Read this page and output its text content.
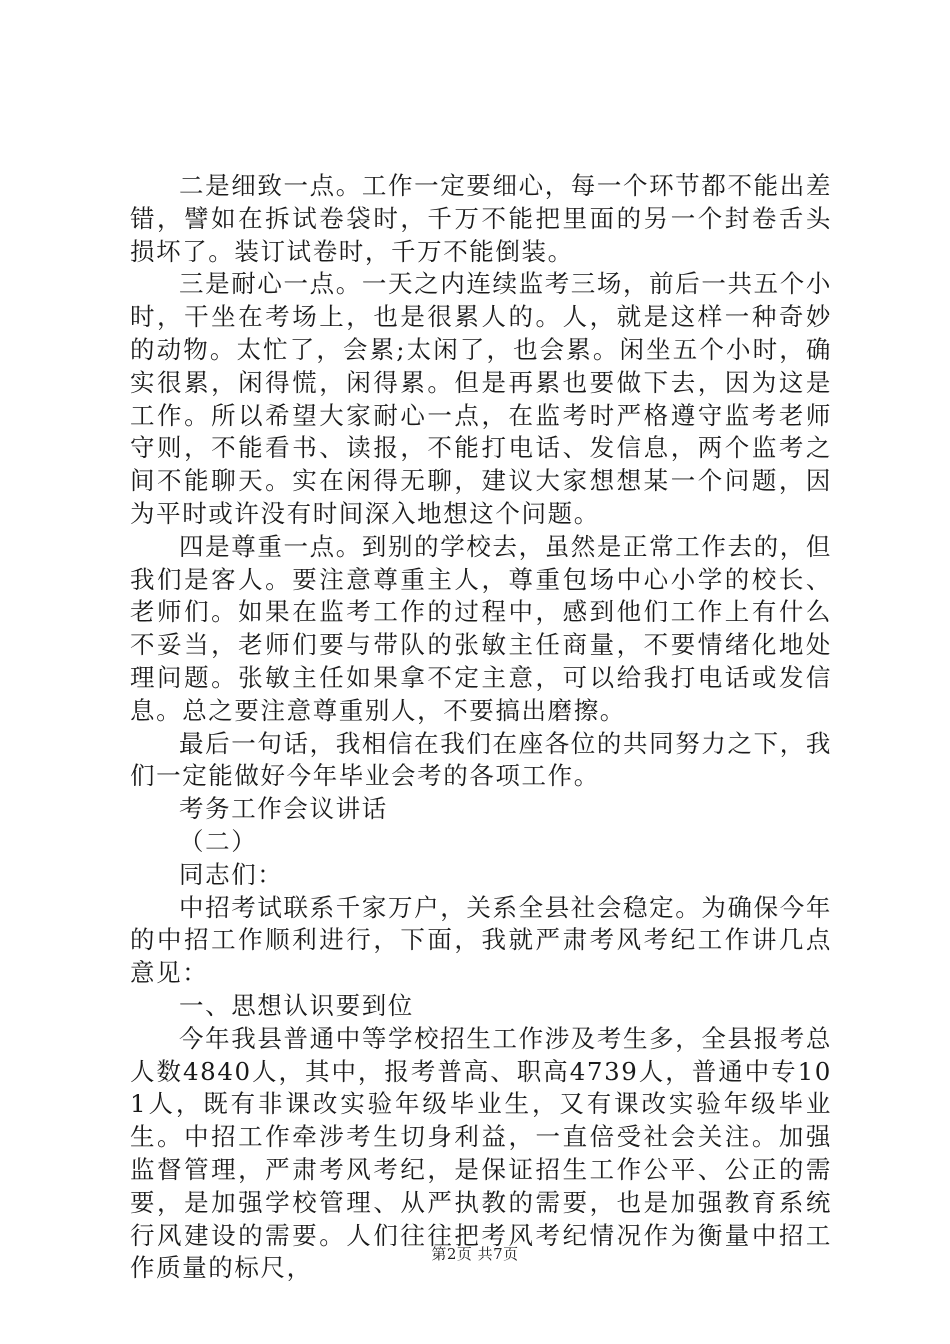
二是细致一点。工作一定要细心，每一个环节都不能出差错，譬如在拆试卷袋时，千万不能把里面的另一个封卷舌头损坏了。装订试卷时，千万不能倒装。

三是耐心一点。一天之内连续监考三场，前后一共五个小时，干坐在考场上，也是很累人的。人，就是这样一种奇妙的动物。太忙了，会累;太闲了，也会累。闲坐五个小时，确实很累，闲得慌，闲得累。但是再累也要做下去，因为这是工作。所以希望大家耐心一点，在监考时严格遵守监考老师守则，不能看书、读报，不能打电话、发信息，两个监考之间不能聊天。实在闲得无聊，建议大家想想某一个问题，因为平时或许没有时间深入地想这个问题。

四是尊重一点。到别的学校去，虽然是正常工作去的，但我们是客人。要注意尊重主人，尊重包场中心小学的校长、老师们。如果在监考工作的过程中，感到他们工作上有什么不妥当，老师们要与带队的张敏主任商量，不要情绪化地处理问题。张敏主任如果拿不定主意，可以给我打电话或发信息。总之要注意尊重别人，不要搞出磨擦。

最后一句话，我相信在我们在座各位的共同努力之下，我们一定能做好今年毕业会考的各项工作。

考务工作会议讲话

（二）

同志们：

中招考试联系千家万户，关系全县社会稳定。为确保今年的中招工作顺利进行，下面，我就严肃考风考纪工作讲几点意见：

一、思想认识要到位

今年我县普通中等学校招生工作涉及考生多，全县报考总人数4840人，其中，报考普高、职高4739人，普通中专101人，既有非课改实验年级毕业生，又有课改实验年级毕业生。中招工作牵涉考生切身利益，一直倍受社会关注。加强监督管理，严肃考风考纪，是保证招生工作公平、公正的需要，是加强学校管理、从严执教的需要，也是加强教育系统行风建设的需要。人们往往把考风考纪情况作为衡量中招工作质量的标尺，	第2页 共7页
